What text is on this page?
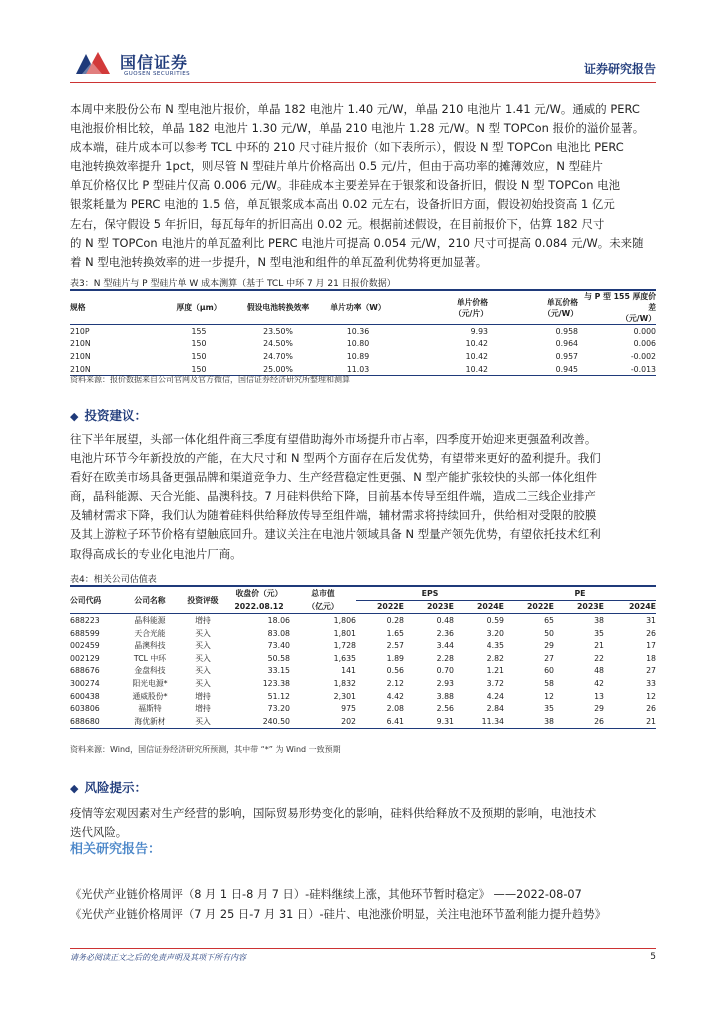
国信证券
GUOSEN SECURITIES	证券研究报告
本周中来股份公布 N 型电池片报价，单晶 182 电池片 1.40 元/W，单晶 210 电池片 1.41 元/W。通威的 PERC
电池报价相比较，单晶 182 电池片 1.30 元/W，单晶 210 电池片 1.28 元/W。N 型 TOPCon 报价的溢价显著。
成本端，硅片成本可以参考 TCL 中环的 210 尺寸硅片报价（如下表所示），假设 N 型 TOPCon 电池比 PERC
电池转换效率提升 1pct，则尽管 N 型硅片单片价格高出 0.5 元/片，但由于高功率的摊薄效应，N 型硅片
单瓦价格仅比 P 型硅片仅高 0.006 元/W。非硅成本主要差异在于银浆和设备折旧，假设 N 型 TOPCon 电池
银浆耗量为 PERC 电池的 1.5 倍，单瓦银浆成本高出 0.02 元左右，设备折旧方面，假设初始投资高 1 亿元
左右，保守假设 5 年折旧，每瓦每年的折旧高出 0.02 元。根据前述假设，在目前报价下，估算 182 尺寸
的 N 型 TOPCon 电池片的单瓦盈利比 PERC 电池片可提高 0.054 元/W，210 尺寸可提高 0.084 元/W。未来随
着 N 型电池转换效率的进一步提升，N 型电池和组件的单瓦盈利优势将更加显著。
表3：N 型硅片与 P 型硅片单 W 成本测算（基于 TCL 中环 7 月 21 日报价数据）
规格	厚度（μm）	假设电池转换效率	单片功率（W）	单片价格
（元/片）	单瓦价格
（元/W）	与 P 型 155 厚度价差
（元/W）
210P	155	23.50%	10.36	9.93	0.958	0.000
210N	150	24.50%	10.80	10.42	0.964	0.006
210N	150	24.70%	10.89	10.42	0.957	-0.002
210N	150	25.00%	11.03	10.42	0.945	-0.013
资料来源：报价数据来自公司官网及官方微信，国信证券经济研究所整理和测算
◆ 投资建议：
往下半年展望，头部一体化组件商三季度有望借助海外市场提升市占率，四季度开始迎来更强盈利改善。
电池片环节今年新投放的产能，在大尺寸和 N 型两个方面存在后发优势，有望带来更好的盈利提升。我们
看好在欧美市场具备更强品牌和渠道竞争力、生产经营稳定性更强、N 型产能扩张较快的头部一体化组件
商，晶科能源、天合光能、晶澳科技。7 月硅料供给下降，目前基本传导至组件端，造成二三线企业排产
及辅材需求下降，我们认为随着硅料供给释放传导至组件端，辅材需求将持续回升，供给相对受限的胶膜
及其上游粒子环节价格有望触底回升。建议关注在电池片领域具备 N 型量产领先优势，有望依托技术红利
取得高成长的专业化电池片厂商。
表4：相关公司估值表
公司代码	公司名称	投资评级	收盘价（元）	总市值	EPS			PE		
			2022.08.12	（亿元）	2022E	2023E	2024E	2022E	2023E	2024E
688223	晶科能源	增持	18.06	1,806	0.28	0.48	0.59	65	38	31
688599	天合光能	买入	83.08	1,801	1.65	2.36	3.20	50	35	26
002459	晶澳科技	买入	73.40	1,728	2.57	3.44	4.35	29	21	17
002129	TCL 中环	买入	50.58	1,635	1.89	2.28	2.82	27	22	18
688676	金盘科技	买入	33.15	141	0.56	0.70	1.21	60	48	27
300274	阳光电源*	买入	123.38	1,832	2.12	2.93	3.72	58	42	33
600438	通威股份*	增持	51.12	2,301	4.42	3.88	4.24	12	13	12
603806	福斯特	增持	73.20	975	2.08	2.56	2.84	35	29	26
688680	海优新材	买入	240.50	202	6.41	9.31	11.34	38	26	21
资料来源：Wind，国信证券经济研究所预测，其中带 “*” 为 Wind 一致预期
◆ 风险提示：
疫情等宏观因素对生产经营的影响，国际贸易形势变化的影响，硅料供给释放不及预期的影响，电池技术
迭代风险。
相关研究报告：
《光伏产业链价格周评（8 月 1 日-8 月 7 日）-硅料继续上涨，其他环节暂时稳定》 ——2022-08-07
《光伏产业链价格周评（7 月 25 日-7 月 31 日）-硅片、电池涨价明显，关注电池环节盈利能力提升趋势》
请务必阅读正文之后的免责声明及其项下所有内容	5
